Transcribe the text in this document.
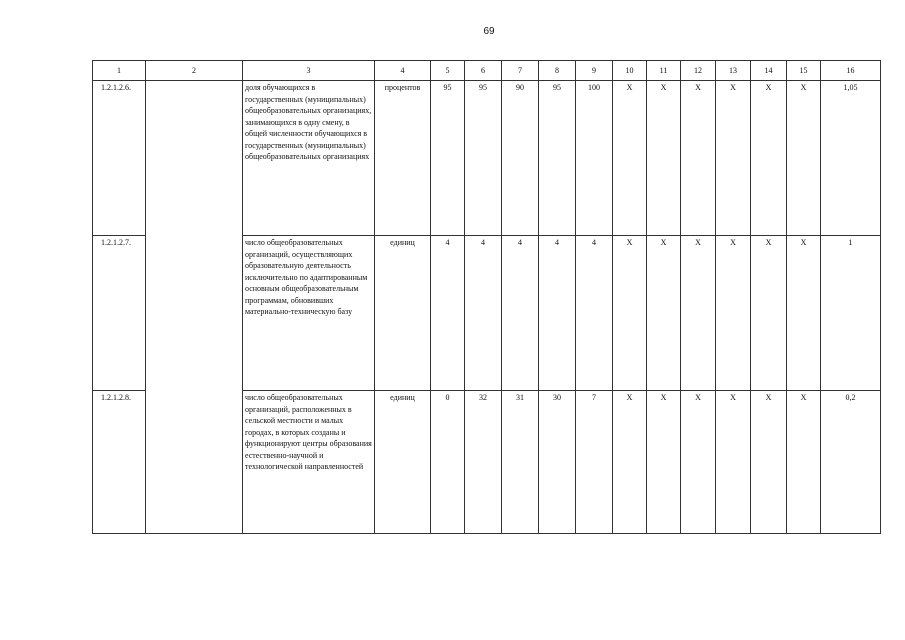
69
1	2	3	4	5	6	7	8	9	10	11	12	13	14	15	16
1.2.1.2.6.		доля обучающихся в государственных (муниципальных) общеобразовательных организациях, занимающихся в одну смену, в общей численности обучающихся в государственных (муниципальных) общеобразовательных организациях	процентов	95	95	90	95	100	Х	Х	Х	Х	Х	Х	1,05
1.2.1.2.7.		число общеобразовательных организаций, осуществляющих образовательную деятельность исключительно по адаптированным основным общеобразовательным программам, обновивших материально-техническую базу	единиц	4	4	4	4	4	Х	Х	Х	Х	Х	Х	1
1.2.1.2.8.		число общеобразовательных организаций, расположенных в сельской местности и малых городах, в которых созданы и функционируют центры образования естественно-научной и технологической направленностей	единиц	0	32	31	30	7	Х	Х	Х	Х	Х	Х	0,2
